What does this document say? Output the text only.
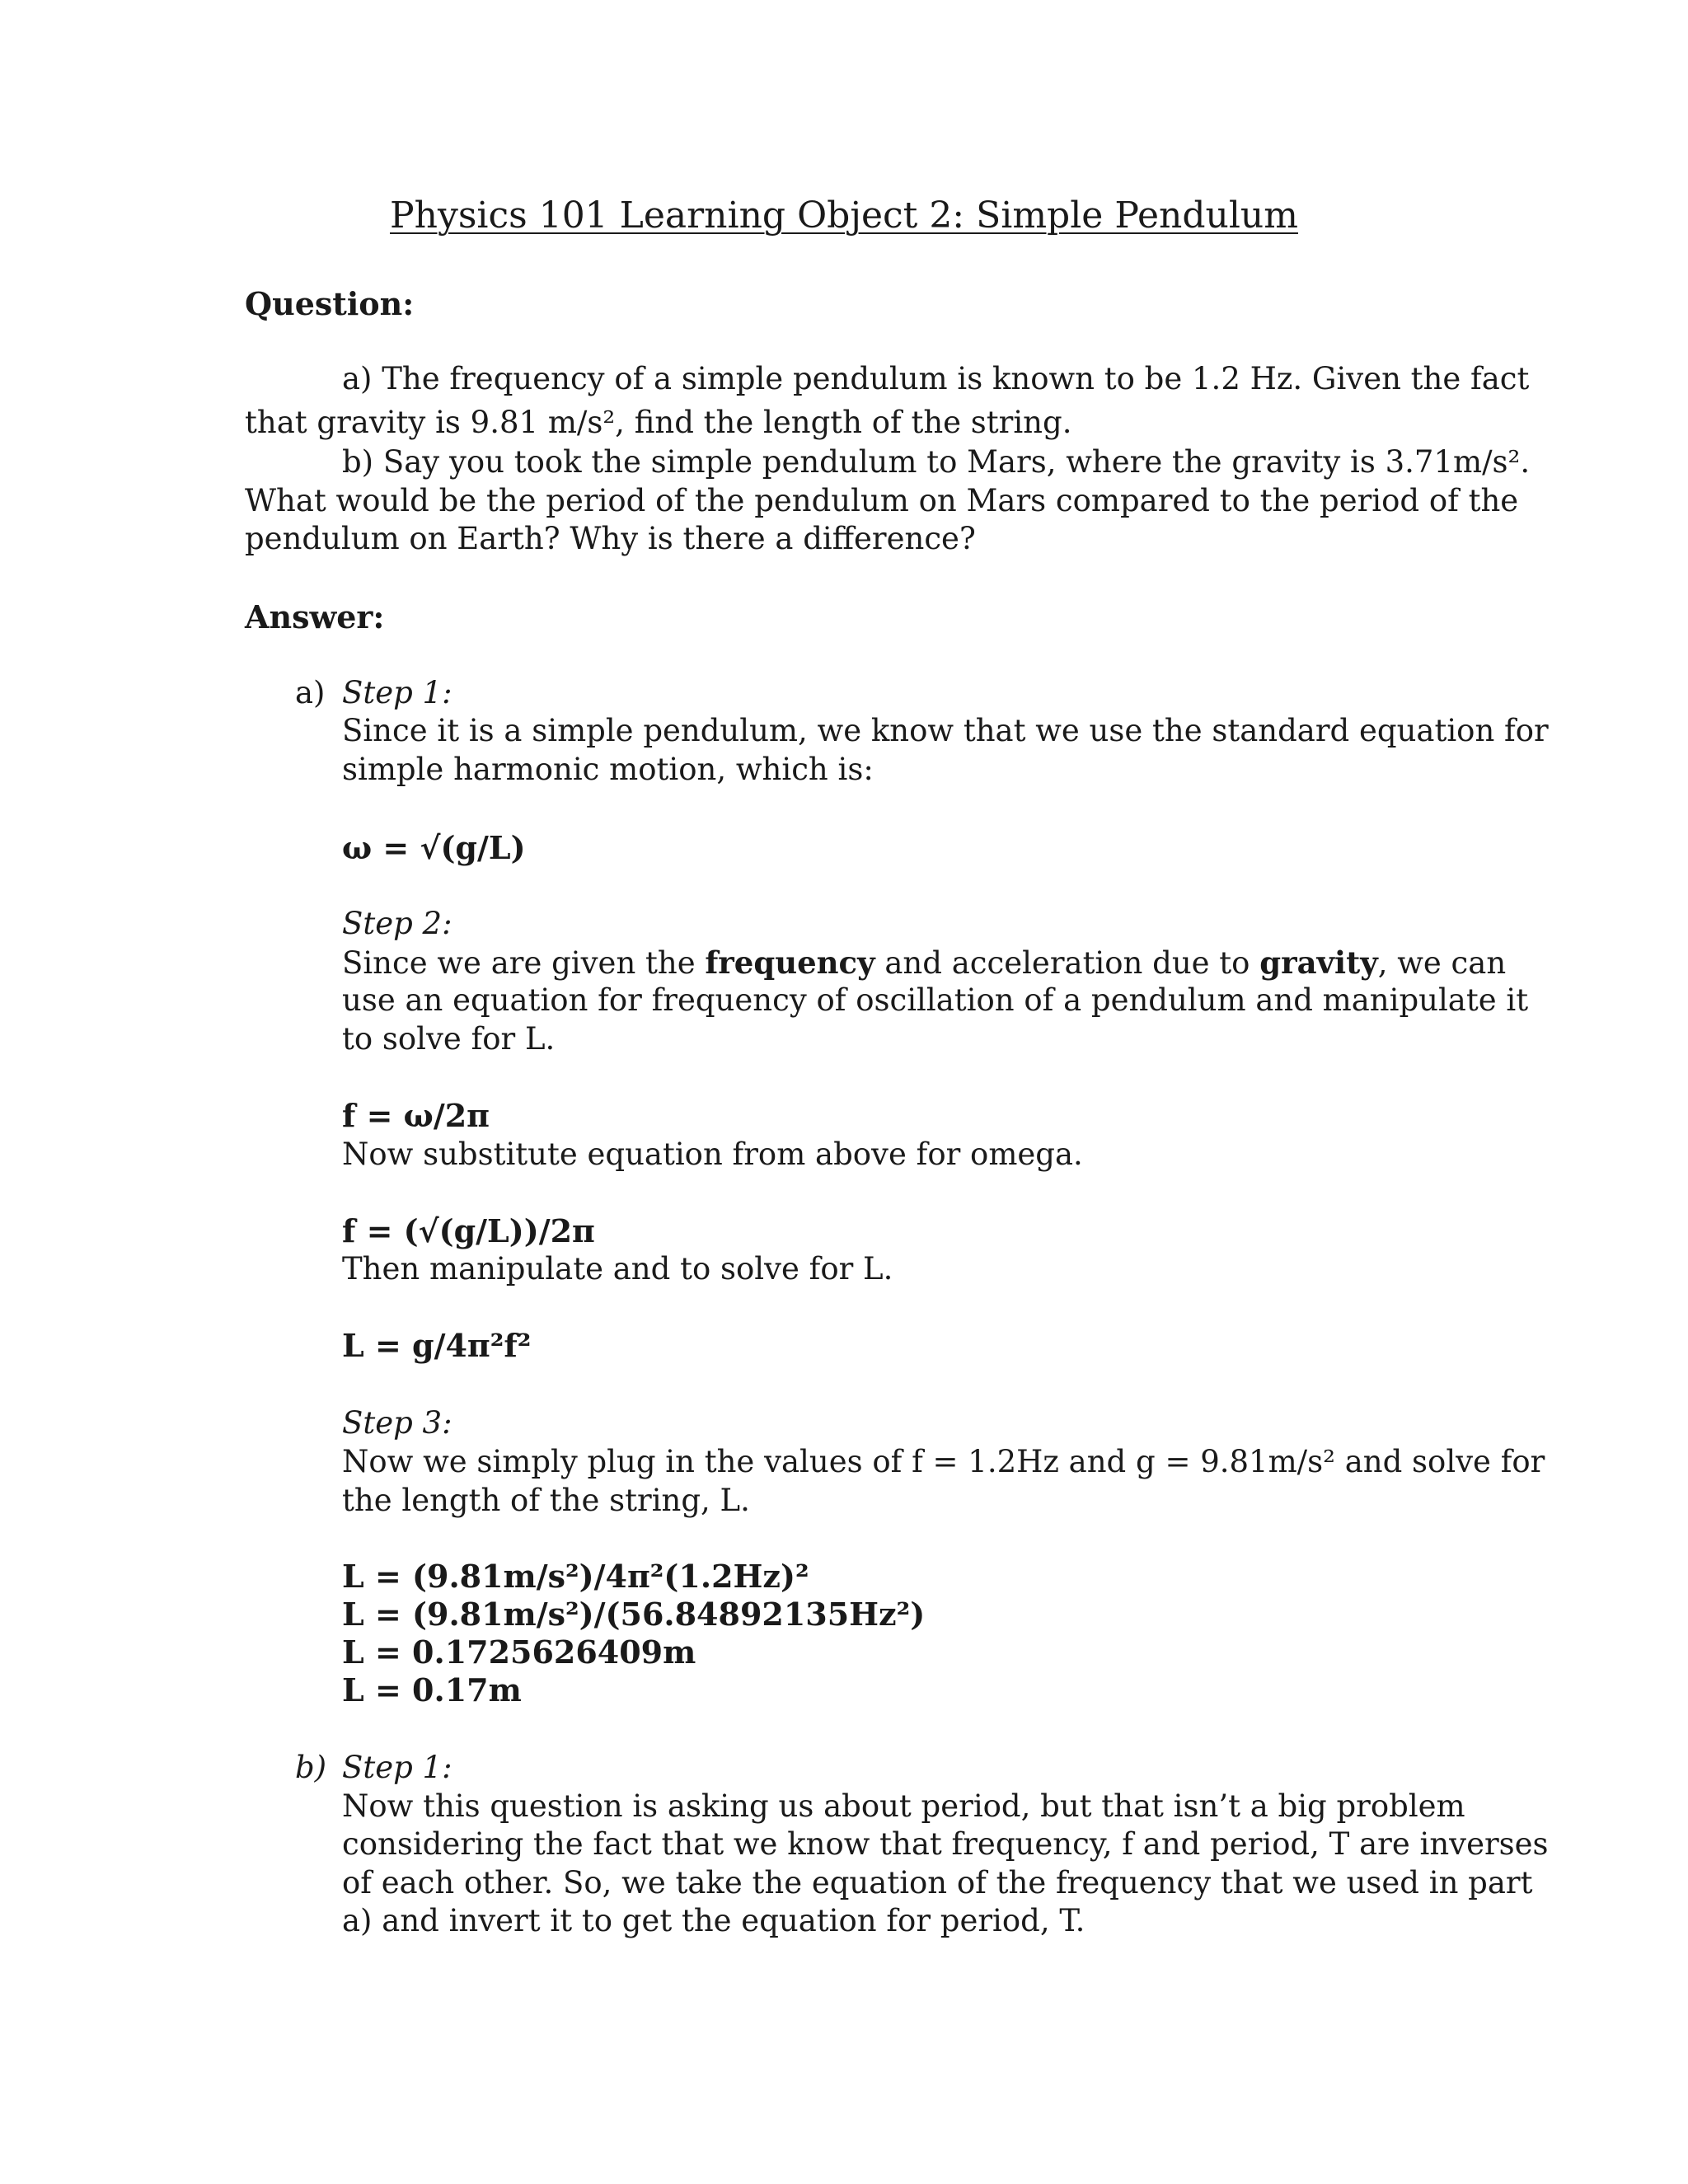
Physics 101 Learning Object 2: Simple Pendulum
Question:
a) The frequency of a simple pendulum is known to be 1.2 Hz. Given the fact
that gravity is 9.81 m/s², find the length of the string.
b) Say you took the simple pendulum to Mars, where the gravity is 3.71m/s².
What would be the period of the pendulum on Mars compared to the period of the
pendulum on Earth? Why is there a difference?
Answer:
a) Step 1:
Since it is a simple pendulum, we know that we use the standard equation for
simple harmonic motion, which is:
ω = √(g/L)
Step 2:
Since we are given the frequency and acceleration due to gravity, we can
use an equation for frequency of oscillation of a pendulum and manipulate it
to solve for L.
f = ω/2π
Now substitute equation from above for omega.
f = (√(g/L))/2π
Then manipulate and to solve for L.
L = g/4π²f²
Step 3:
Now we simply plug in the values of f = 1.2Hz and g = 9.81m/s² and solve for
the length of the string, L.
L = (9.81m/s²)/4π²(1.2Hz)²
L = (9.81m/s²)/(56.84892135Hz²)
L = 0.1725626409m
L = 0.17m
b) Step 1:
Now this question is asking us about period, but that isn’t a big problem
considering the fact that we know that frequency, f and period, T are inverses
of each other. So, we take the equation of the frequency that we used in part
a) and invert it to get the equation for period, T.
